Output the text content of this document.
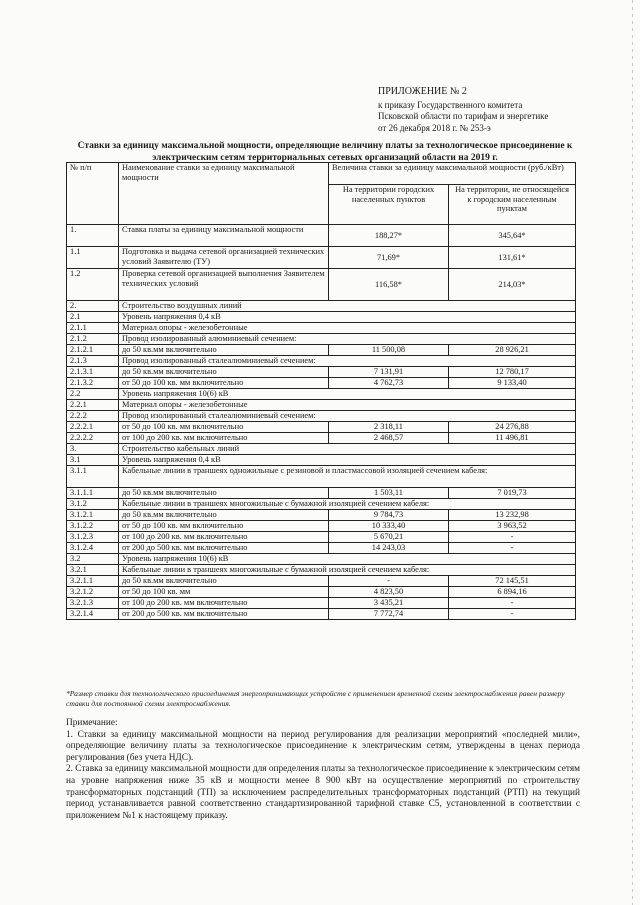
ПРИЛОЖЕНИЕ № 2
к приказу Государственного комитета
Псковской области по тарифам и энергетике
от 26 декабря 2018 г. № 253-э
Ставки за единицу максимальной мощности, определяющие величину платы за технологическое присоединение к электрическим сетям территориальных сетевых организаций области на 2019 г.
№ п/п	Наименование ставки за единицу максимальной мощности	Величина ставки за единицу максимальной мощности (руб./кВт)	
		На территории городских населенных пунктов	На территории, не относящейся к городским населенным пунктам
1.	Ставка платы за единицу максимальной мощности	188,27*	345,64*
1.1	Подготовка и выдача сетевой организацией технических условий Заявителю (ТУ)	71,69*	131,61*
1.2	Проверка сетевой организацией выполнения Заявителем технических условий	116,58*	214,03*
2.	Строительство воздушных линий		
2.1	Уровень напряжения 0,4 кВ		
2.1.1	Материал опоры - железобетонные		
2.1.2	Провод изолированный алюминиевый сечением:		
2.1.2.1	до 50 кв.мм включительно	11 500,08	28 926,21
2.1.3	Провод изолированный сталеалюминиевый сечением:		
2.1.3.1	до 50 кв.мм включительно	7 131,91	12 780,17
2.1.3.2	от 50 до 100 кв. мм включительно	4 762,73	9 133,40
2.2	Уровень напряжения 10(6) кВ		
2.2.1	Материал опоры - железобетонные		
2.2.2	Провод изолированный сталеалюминиевый сечением:		
2.2.2.1	от 50 до 100 кв. мм включительно	2 318,11	24 276,88
2.2.2.2	от 100 до 200 кв. мм включительно	2 468,57	11 496,81
3.	Строительство кабельных линий		
3.1	Уровень напряжения 0,4 кВ		
3.1.1	Кабельные линии в траншеях одножильные с резиновой и пластмассовой изоляцией сечением кабеля:		
3.1.1.1	до 50 кв.мм включительно	1 503,11	7 019,73
3.1.2	Кабельные линии в траншеях многожильные с бумажной изоляцией сечением кабеля:		
3.1.2.1	до 50 кв.мм включительно	9 784,73	13 232,98
3.1.2.2	от 50 до 100 кв. мм включительно	10 333,40	3 963,52
3.1.2.3	от 100 до 200 кв. мм включительно	5 670,21	-
3.1.2.4	от 200 до 500 кв. мм включительно	14 243,03	-
3.2	Уровень напряжения 10(6) кВ		
3.2.1	Кабельные линии в траншеях многожильные с бумажной изоляцией сечением кабеля:		
3.2.1.1	до 50 кв.мм включительно	-	72 145,51
3.2.1.2	от 50 до 100 кв. мм	4 823,50	6 894,16
3.2.1.3	от 100 до 200 кв. мм включительно	3 435,21	-
3.2.1.4	от 200 до 500 кв. мм включительно	7 772,74	-
*Размер ставки для технологического присоединения энергопринимающих устройств с применением временной схемы электроснабжения равен размеру ставки для постоянной схемы электроснабжения.

Примечание:

1. Ставки за единицу максимальной мощности на период регулирования для реализации мероприятий «последней мили», определяющие величину платы за технологическое присоединение к электрическим сетям, утверждены в ценах периода регулирования (без учета НДС).

2. Ставка за единицу максимальной мощности для определения платы за технологическое присоединение к электрическим сетям на уровне напряжения ниже 35 кВ и мощности менее 8 900 кВт на осуществление мероприятий по строительству трансформаторных подстанций (ТП) за исключением распределительных трансформаторных подстанций (РТП) на текущий период устанавливается равной соответственно стандартизированной тарифной ставке С5, установленной в соответствии с приложением №1 к настоящему приказу.
